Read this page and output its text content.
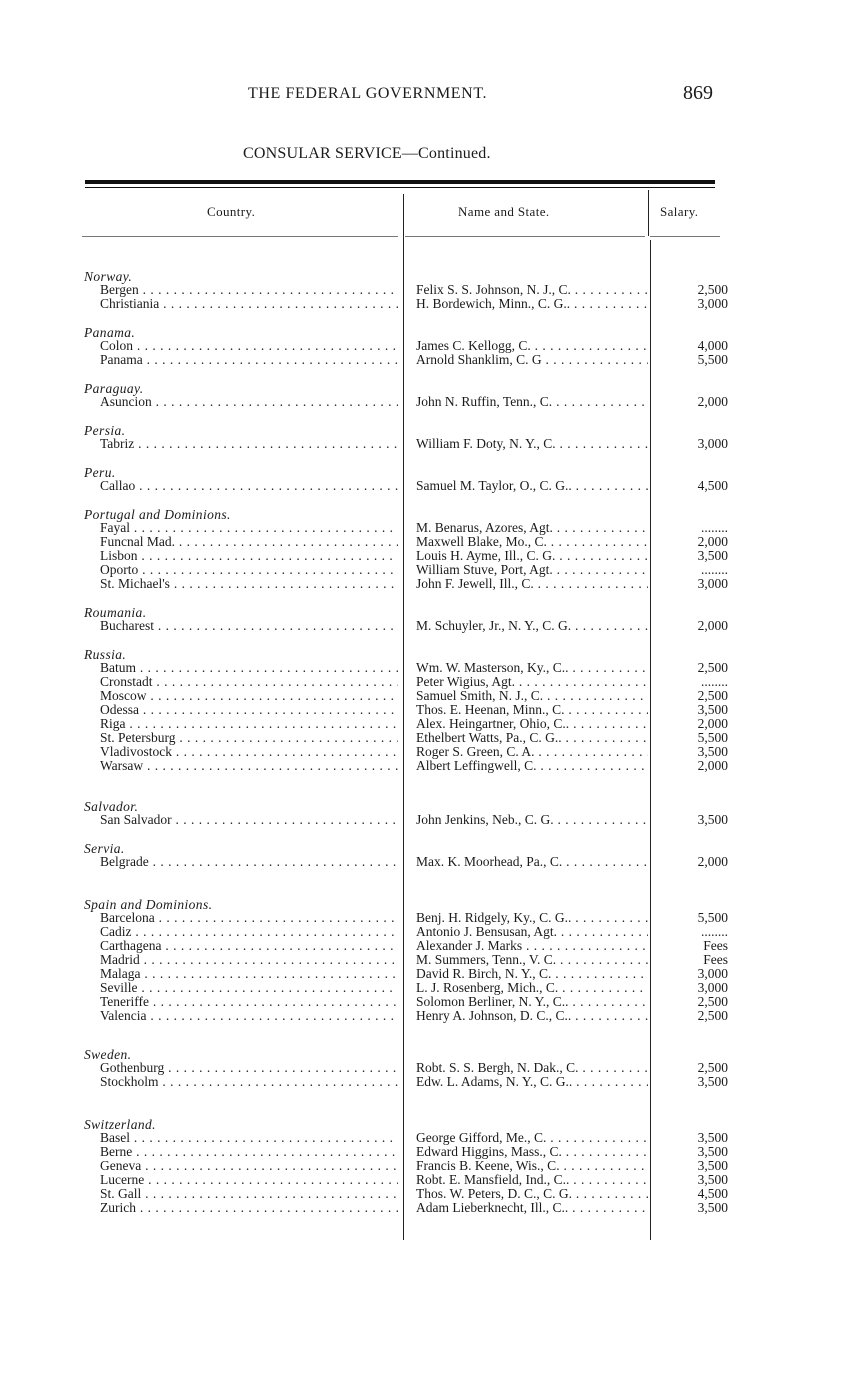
THE FEDERAL GOVERNMENT.	869
CONSULAR SERVICE—Continued.
Country.	Name and State.	Salary.
Norway.
Bergen . . .	Felix S. S. Johnson, N. J., C. . . .	2,500
Christiania . . .	H. Bordewich, Minn., C. G.. . . .	3,000
Panama.
Colon . . .	James C. Kellogg, C. . . .	4,000
Panama . . .	Arnold Shanklim, C. G . . .	5,500
Paraguay.
Asuncion . . .	John N. Ruffin, Tenn., C. . . .	2,000
Persia.
Tabriz . . .	William F. Doty, N. Y., C. . . .	3,000
Peru.
Callao . . .	Samuel M. Taylor, O., C. G.. . . .	4,500
Portugal and Dominions.
Fayal . . .	M. Benarus, Azores, Agt. . . .	........
Funcnal Mad. . . .	Maxwell Blake, Mo., C. . . .	2,000
Lisbon . . .	Louis H. Ayme, Ill., C. G. . . .	3,500
Oporto . . .	William Stuve, Port, Agt. . . .	........
St. Michael's . . .	John F. Jewell, Ill., C. . . .	3,000
Roumania.
Bucharest . . .	M. Schuyler, Jr., N. Y., C. G. . . .	2,000
Russia.
Batum . . .	Wm. W. Masterson, Ky., C.. . . .	2,500
Cronstadt . . .	Peter Wigius, Agt. . . .	........
Moscow . . .	Samuel Smith, N. J., C. . . .	2,500
Odessa . . .	Thos. E. Heenan, Minn., C. . . .	3,500
Riga . . .	Alex. Heingartner, Ohio, C.. . . .	2,000
St. Petersburg . . .	Ethelbert Watts, Pa., C. G.. . . .	5,500
Vladivostock . . .	Roger S. Green, C. A. . . .	3,500
Warsaw . . .	Albert Leffingwell, C. . . .	2,000
Salvador.
San Salvador . . .	John Jenkins, Neb., C. G. . . .	3,500
Servia.
Belgrade . . .	Max. K. Moorhead, Pa., C. . . .	2,000
Spain and Dominions.
Barcelona . . .	Benj. H. Ridgely, Ky., C. G.. . . .	5,500
Cadiz . . .	Antonio J. Bensusan, Agt. . . .	........
Carthagena . . .	Alexander J. Marks . . .	Fees
Madrid . . .	M. Summers, Tenn., V. C. . . .	Fees
Malaga . . .	David R. Birch, N. Y., C. . . .	3,000
Seville . . .	L. J. Rosenberg, Mich., C. . . .	3,000
Teneriffe . . .	Solomon Berliner, N. Y., C.. . . .	2,500
Valencia . . .	Henry A. Johnson, D. C., C.. . . .	2,500
Sweden.
Gothenburg . . .	Robt. S. S. Bergh, N. Dak., C. . . .	2,500
Stockholm . . .	Edw. L. Adams, N. Y., C. G.. . . .	3,500
Switzerland.
Basel . . .	George Gifford, Me., C. . . .	3,500
Berne . . .	Edward Higgins, Mass., C. . . .	3,500
Geneva . . .	Francis B. Keene, Wis., C. . . .	3,500
Lucerne . . .	Robt. E. Mansfield, Ind., C.. . . .	3,500
St. Gall . . .	Thos. W. Peters, D. C., C. G. . . .	4,500
Zurich . . .	Adam Lieberknecht, Ill., C.. . . .	3,500
